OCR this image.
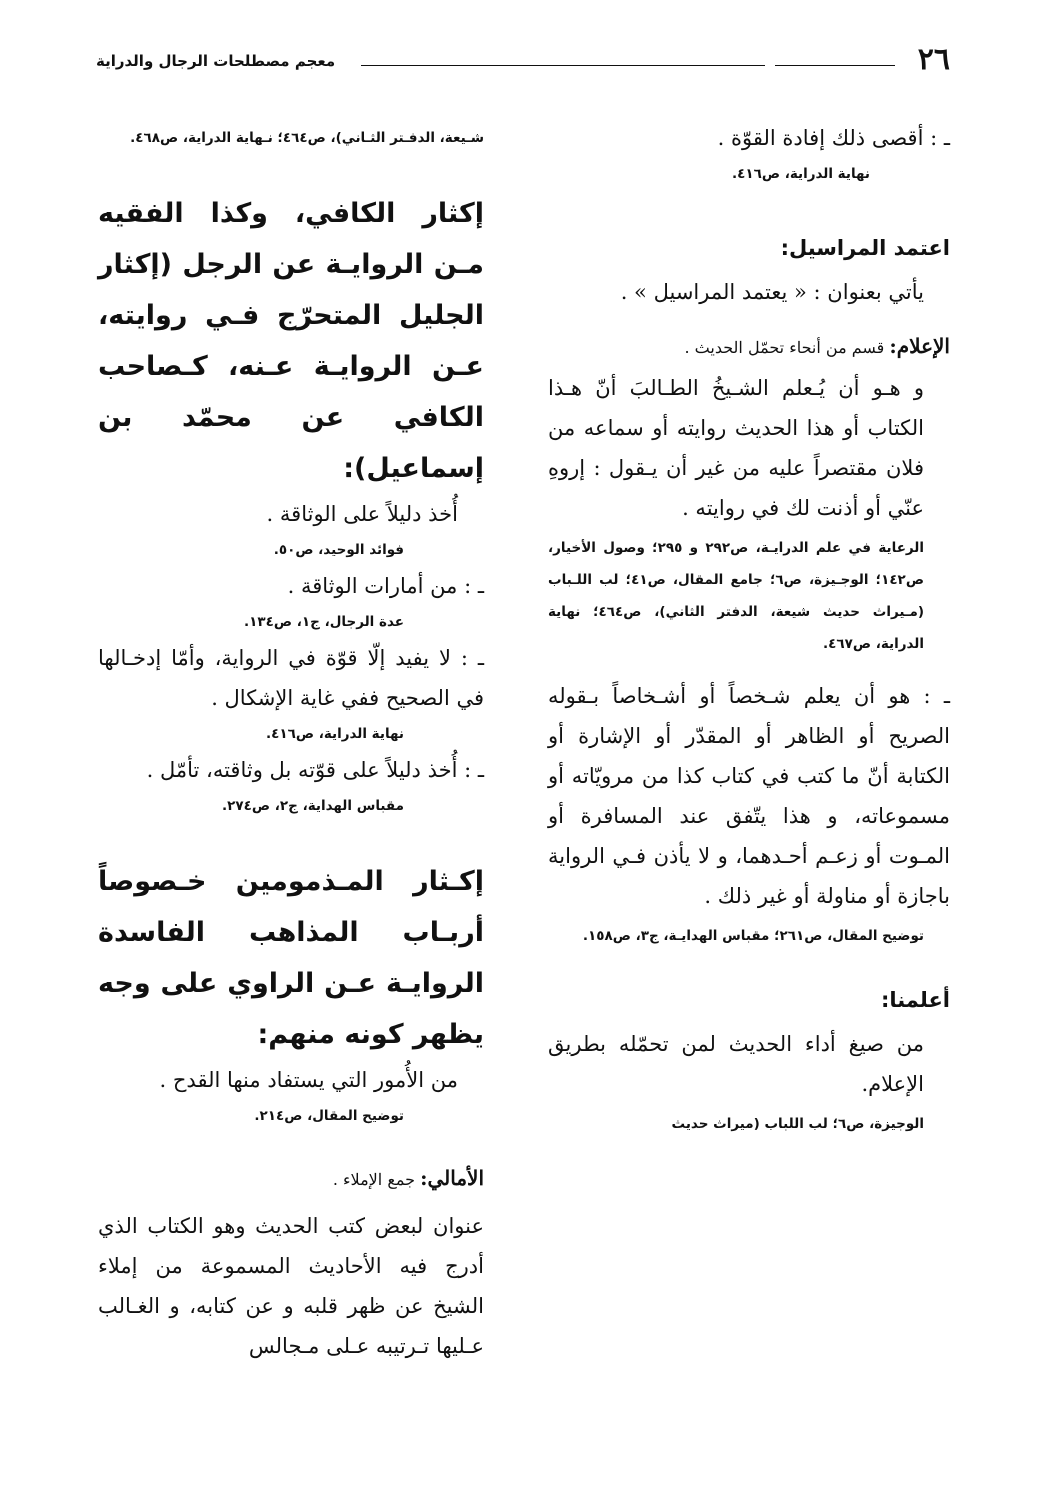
٢٦
معجم مصطلحات الرجال والدراية

ـ : أقصى ذلك إفادة القوّة .

نهاية الدراية، ص٤١٦.

اعتمد المراسيل:

يأتي بعنوان : « يعتمد المراسيل » .

الإعلام: قسم من أنحاء تحمّل الحديث .

و هـو أن يُـعلم الشـيخُ الطـالبَ أنّ هـذا الكتاب أو هذا الحديث روايته أو سماعه من فلان مقتصراً عليه من غير أن يـقول : إروهِ عنّي أو أذنت لك في روايته .

الرعاية في علم الدرايـة، ص٢٩٢ و ٢٩٥؛ وصول الأخيار، ص١٤٢؛ الوجـيزة، ص٦؛ جامع المقال، ص٤١؛ لب اللـباب (مـيراث حديث شيعة، الدفتر الثاني)، ص٤٦٤؛ نهاية الدراية، ص٤٦٧.

ـ : هو أن يعلم شـخصاً أو أشـخاصاً بـقوله الصريح أو الظاهر أو المقدّر أو الإشارة أو الكتابة أنّ ما كتب في كتاب كذا من مرويّاته أو مسموعاته، و هذا يتّفق عند المسافرة أو المـوت أو زعـم أحـدهما، و لا يأذن فـي الرواية باجازة أو مناولة أو غير ذلك .

توضيح المقال، ص٢٦١؛ مقباس الهدايـة، ج٣، ص١٥٨.

أعلمنا:

من صيغ أداء الحديث لمن تحمّله بطريق الإعلام.

الوجيزة، ص٦؛ لب اللباب (ميراث حديث

شـيعة، الدفـتر الثـاني)، ص٤٦٤؛ نـهاية الدراية، ص٤٦٨.

إكثار الكافي، وكذا الفقيه مـن الروايـة عن الرجل (إكثار الجليل المتحرّج فـي روايته، عـن الروايـة عـنه، كـصاحب الكافي عن محمّد بن إسماعيل):

أُخذ دليلاً على الوثاقة .

فوائد الوحيد، ص٥٠.

ـ : من أمارات الوثاقة .

عدة الرجال، ج١، ص١٣٤.

ـ : لا يفيد إلّا قوّة في الرواية، وأمّا إدخـالها في الصحيح ففي غاية الإشكال .

نهاية الدراية، ص٤١٦.

ـ : أُخذ دليلاً على قوّته بل وثاقته، تأمّل .

مقباس الهداية، ج٢، ص٢٧٤.

إكـثار المـذمومين خـصوصاً أربـاب المذاهب الفاسدة الروايـة عـن الراوي على وجه يظهر كونه منهم:

من الأُمور التي يستفاد منها القدح .

توضيح المقال، ص٢١٤.

الأمالي: جمع الإملاء .

عنوان لبعض كتب الحديث وهو الكتاب الذي أدرج فيه الأحاديث المسموعة من إملاء الشيخ عن ظهر قلبه و عن كتابه، و الغـالب عـليها تـرتيبه عـلى مـجالس
